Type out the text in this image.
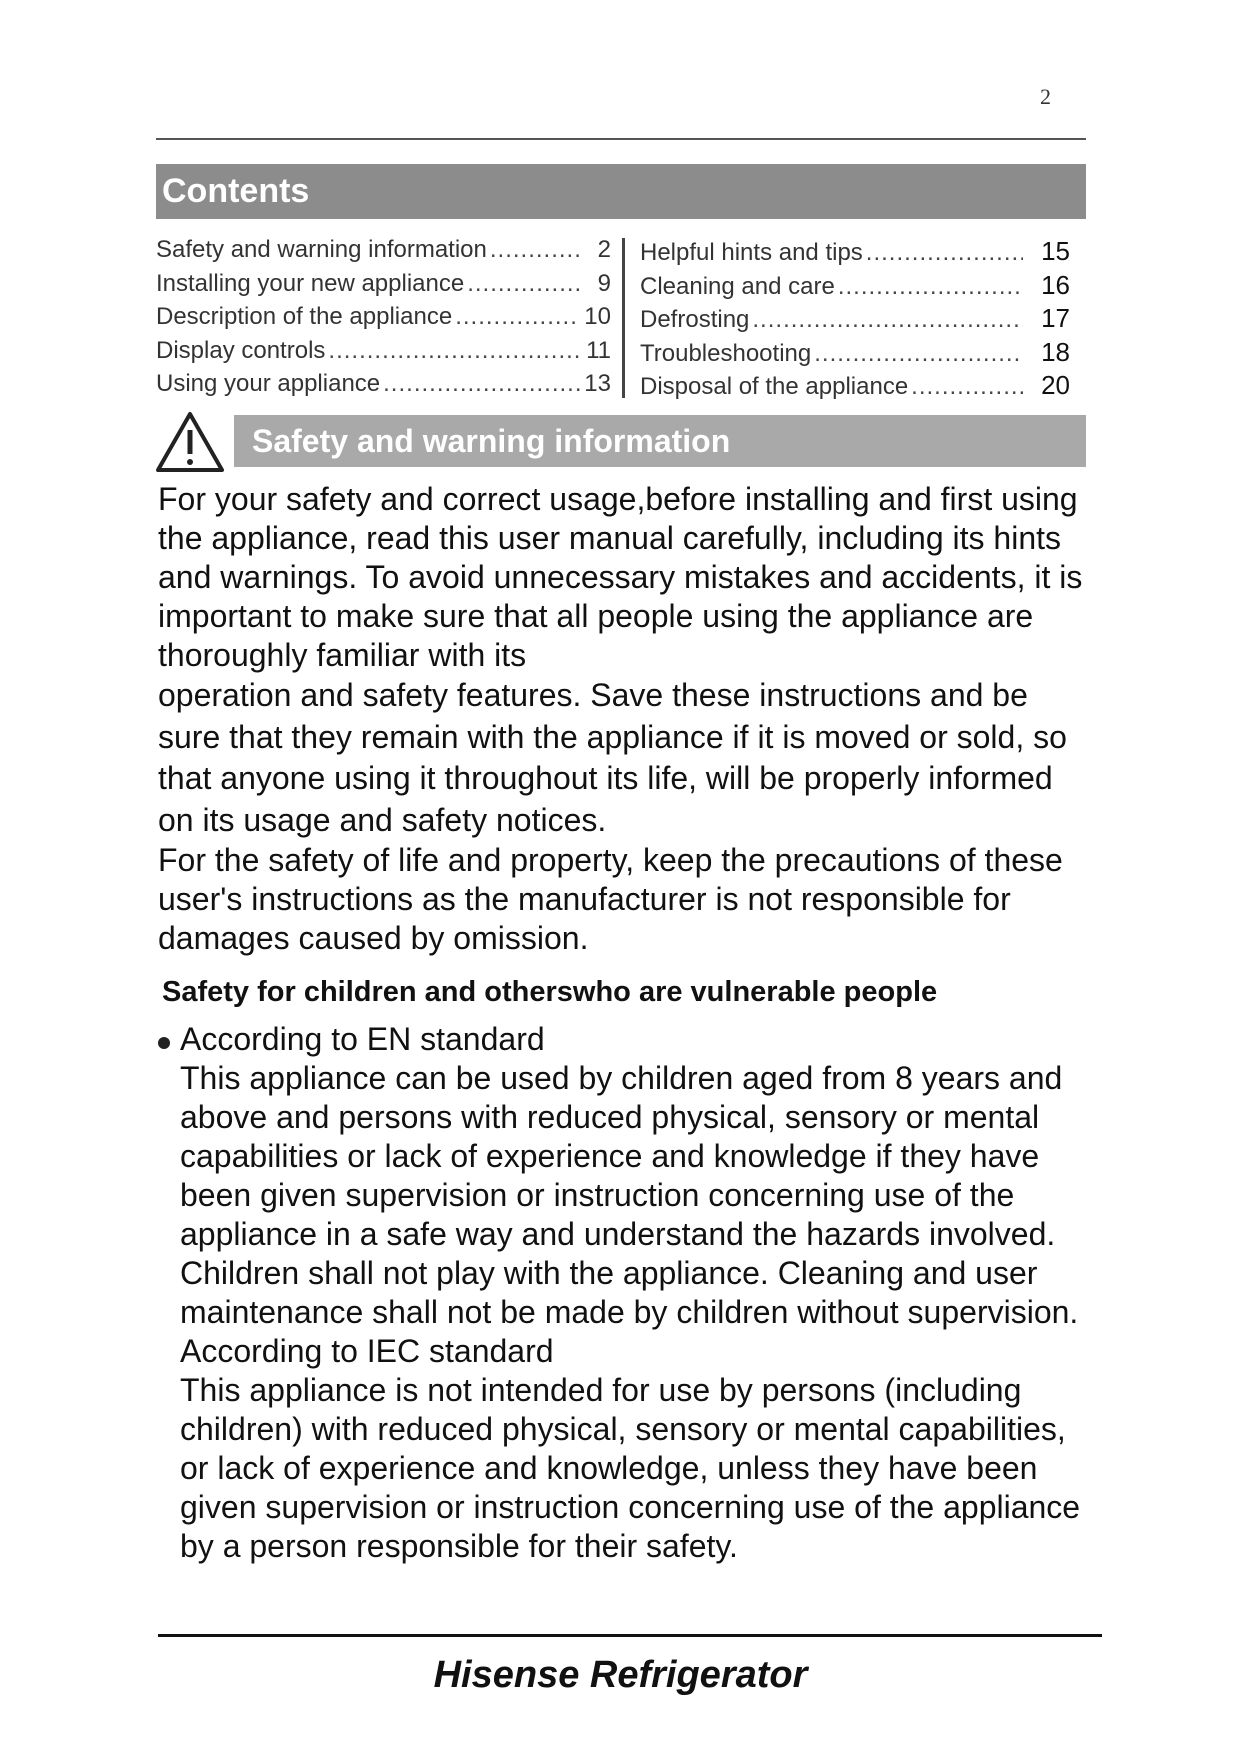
2
Contents
Safety and warning information .....	2
Installing your new appliance .....	9
Description of the appliance .....	10
Display controls .....	11
Using your appliance .....	13
Helpful hints and tips .....	15
Cleaning and care .....	16
Defrosting .....	17
Troubleshooting .....	18
Disposal of the appliance .....	20
Safety and warning information

For your safety and correct usage,before installing and first using the appliance, read this user manual carefully, including its hints and warnings. To avoid unnecessary mistakes and accidents, it is important to make sure that all people using the appliance are thoroughly familiar with its

operation and safety features. Save these instructions and be sure that they remain with the appliance if it is moved or sold, so that anyone using it throughout its life, will be properly informed on its usage and safety notices.

For the safety of life and property, keep the precautions of these user's instructions as the manufacturer is not responsible for damages caused by omission.

Safety for children and otherswho are vulnerable people
According to EN standard

This appliance can be used by children aged from 8 years and above and persons with reduced physical, sensory or mental capabilities or lack of experience and knowledge if they have been given supervision or instruction concerning use of the appliance in a safe way and understand the hazards involved. Children shall not play with the appliance. Cleaning and user maintenance shall not be made by children without supervision.

According to IEC standard

This appliance is not intended for use by persons (including children) with reduced physical, sensory or mental capabilities, or lack of experience and knowledge, unless they have been given supervision or instruction concerning use of the appliance by a person responsible for their safety.

Hisense Refrigerator
